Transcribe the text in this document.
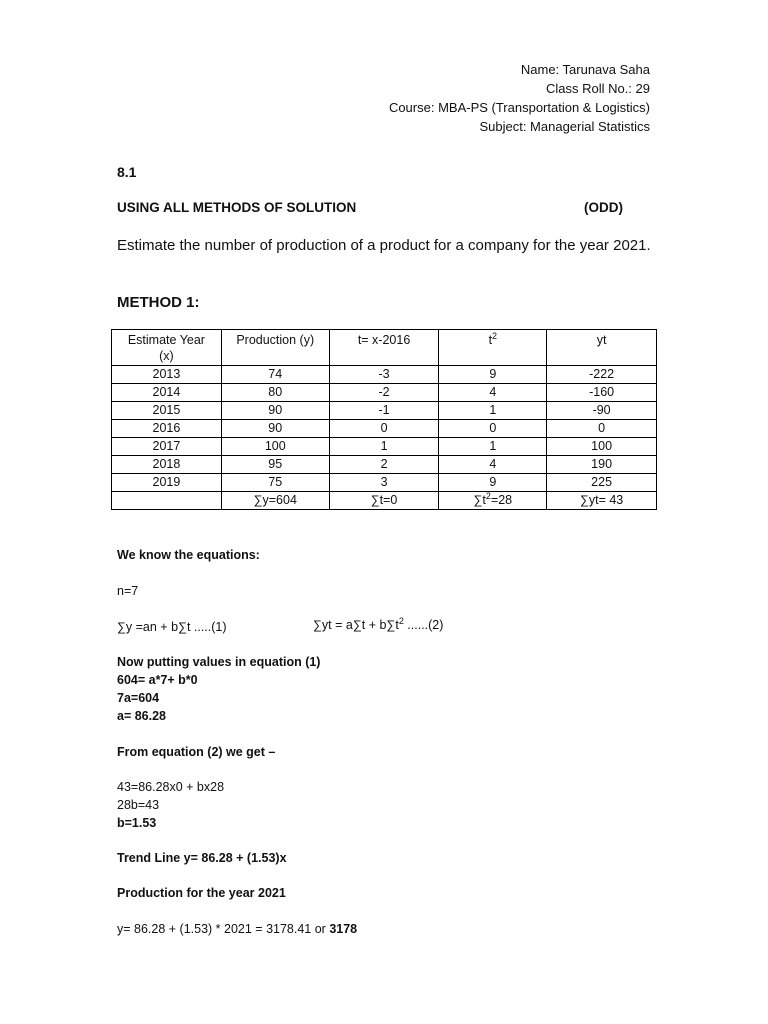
Name: Tarunava Saha
Class Roll No.: 29
Course: MBA-PS (Transportation & Logistics)
Subject: Managerial Statistics
8.1
USING ALL METHODS OF SOLUTION	(ODD)
Estimate the number of production of a product for a company for the year 2021.
METHOD 1:
Estimate Year
(x)	Production (y)	t= x-2016	$t^2$	yt
2013	74	-3	9	-222
2014	80	-2	4	-160
2015	90	-1	1	-90
2016	90	0	0	0
2017	100	1	1	100
2018	95	2	4	190
2019	75	3	9	225
	∑y=604	∑t=0	$\sum t^2=28$	∑yt= 43
We know the equations:
n=7
∑y =an + b∑t .....(1)	$\sum yt = a\sum t + b\sum t^2$ ......(2)
Now putting values in equation (1)
604= a*7+ b*0
7a=604
a= 86.28
From equation (2) we get –
43=86.28x0 + bx28
28b=43
b=1.53
Trend Line y= 86.28 + (1.53)x
Production for the year 2021
y= 86.28 + (1.53) * 2021 = 3178.41 or 3178
